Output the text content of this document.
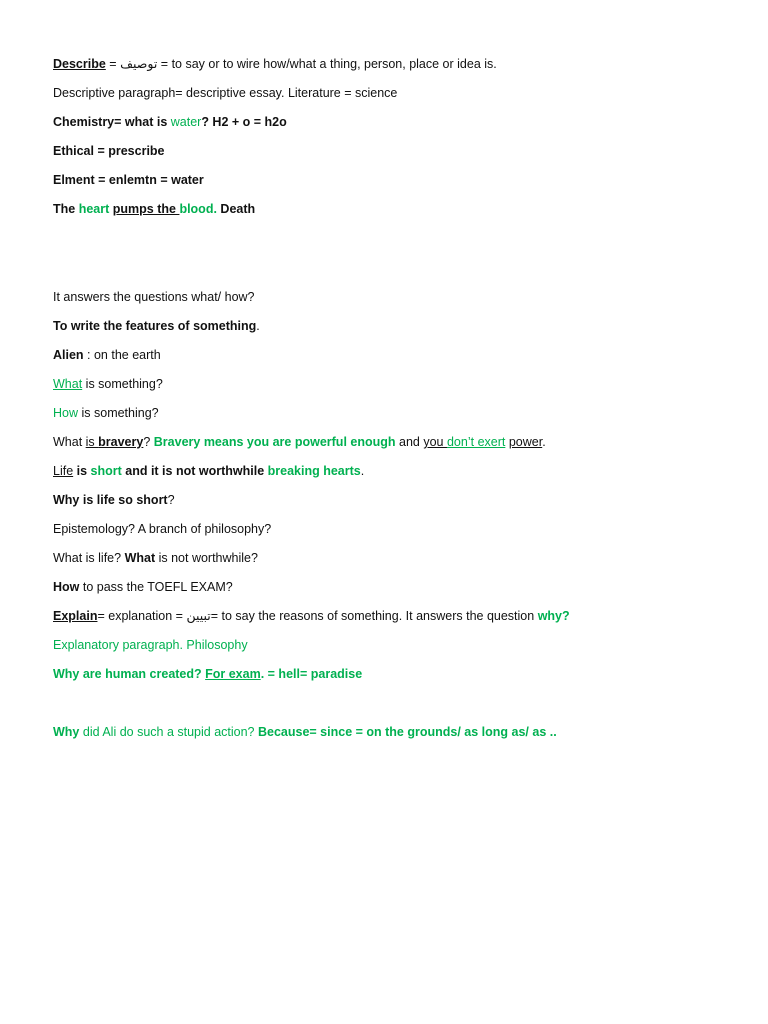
Describe = توصيف = to say or to wire how/what a thing, person, place or idea is.
Descriptive paragraph= descriptive essay. Literature = science
Chemistry= what is water? H2 + o = h2o
Ethical = prescribe
Elment = enlemtn = water
The heart pumps the blood. Death
It answers the questions what/ how?
To write the features of something.
Alien : on the earth
What is something?
How is something?
What is bravery? Bravery means you are powerful enough and you don’t exert power.
Life is short and it is not worthwhile breaking hearts.
Why is life so short?
Epistemology? A branch of philosophy?
What is life? What is not worthwhile?
How to pass the TOEFL EXAM?
Explain= explanation = تبيين= to say the reasons of something. It answers the question why?
Explanatory paragraph. Philosophy
Why are human created? For exam. = hell= paradise
Why did Ali do such a stupid action? Because= since = on the grounds/ as long as/ as ..
